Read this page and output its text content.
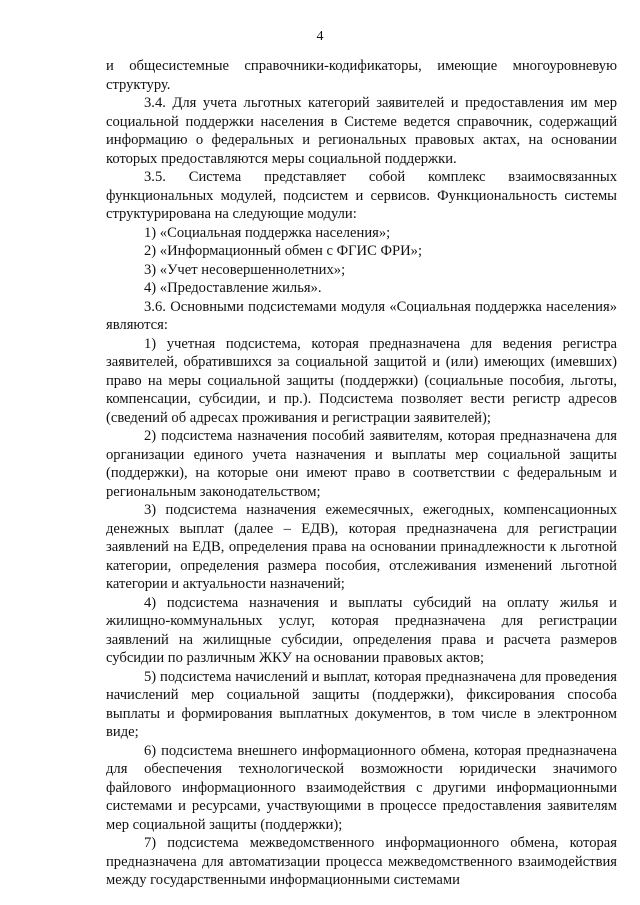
4

и общесистемные справочники-кодификаторы, имеющие многоуровневую структуру.

3.4. Для учета льготных категорий заявителей и предоставления им мер социальной поддержки населения в Системе ведется справочник, содержащий информацию о федеральных и региональных правовых актах, на основании которых предоставляются меры социальной поддержки.

3.5. Система представляет собой комплекс взаимосвязанных функциональных модулей, подсистем и сервисов. Функциональность системы структурирована на следующие модули:

1) «Социальная поддержка населения»;

2) «Информационный обмен с ФГИС ФРИ»;

3) «Учет несовершеннолетних»;

4) «Предоставление жилья».

3.6. Основными подсистемами модуля «Социальная поддержка населения» являются:

1) учетная подсистема, которая предназначена для ведения регистра заявителей, обратившихся за социальной защитой и (или) имеющих (имевших) право на меры социальной защиты (поддержки) (социальные пособия, льготы, компенсации, субсидии, и пр.). Подсистема позволяет вести регистр адресов (сведений об адресах проживания и регистрации заявителей);

2) подсистема назначения пособий заявителям, которая предназначена для организации единого учета назначения и выплаты мер социальной защиты (поддержки), на которые они имеют право в соответствии с федеральным и региональным законодательством;

3) подсистема назначения ежемесячных, ежегодных, компенсационных денежных выплат (далее – ЕДВ), которая предназначена для регистрации заявлений на ЕДВ, определения права на основании принадлежности к льготной категории, определения размера пособия, отслеживания изменений льготной категории и актуальности назначений;

4) подсистема назначения и выплаты субсидий на оплату жилья и жилищно-коммунальных услуг, которая предназначена для регистрации заявлений на жилищные субсидии, определения права и расчета размеров субсидии по различным ЖКУ на основании правовых актов;

5) подсистема начислений и выплат, которая предназначена для проведения начислений мер социальной защиты (поддержки), фиксирования способа выплаты и формирования выплатных документов, в том числе в электронном виде;

6) подсистема внешнего информационного обмена, которая предназначена для обеспечения технологической возможности юридически значимого файлового информационного взаимодействия с другими информационными системами и ресурсами, участвующими в процессе предоставления заявителям мер социальной защиты (поддержки);

7) подсистема межведомственного информационного обмена, которая предназначена для автоматизации процесса межведомственного взаимодействия между государственными информационными системами
